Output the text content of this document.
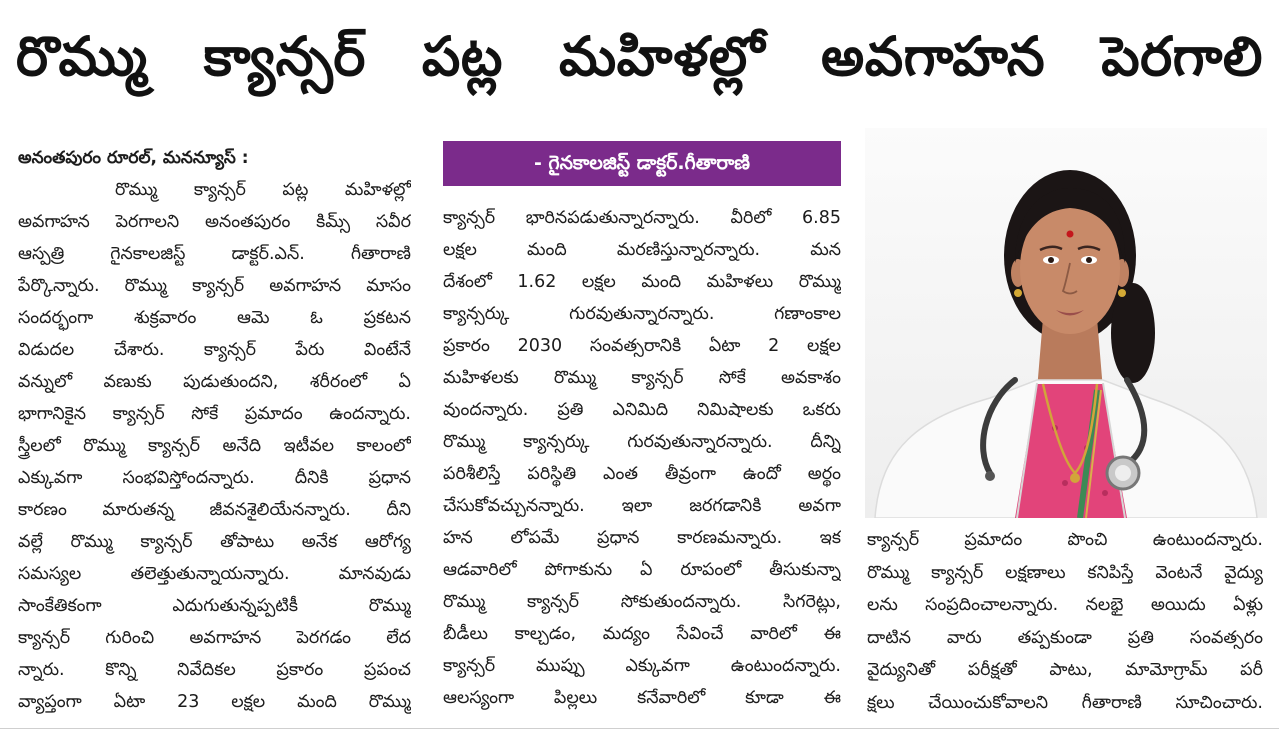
రొమ్ము క్యాన్సర్ పట్ల మహిళల్లో అవగాహన పెరగాలి
అనంతపురం రూరల్, మనన్యూస్ :
రొమ్ము క్యాన్సర్ పట్ల మహిళల్లో
అవగాహన పెరగాలని అనంతపురం కిమ్స్ సవీర
ఆస్పత్రి గైనకాలజిస్ట్ డాక్టర్.ఎన్. గీతారాణి
పేర్కొన్నారు. రొమ్ము క్యాన్సర్ అవగాహన మాసం
సందర్భంగా శుక్రవారం ఆమె ఓ ప్రకటన
విడుదల చేశారు. క్యాన్సర్ పేరు వింటేనే
వన్నులో వణుకు పుడుతుందని, శరీరంలో ఏ
భాగానికైన క్యాన్సర్ సోకే ప్రమాదం ఉందన్నారు.
స్త్రీలలో రొమ్ము క్యాన్సర్ అనేది ఇటీవల కాలంలో
ఎక్కువగా సంభవిస్తోందన్నారు. దీనికి ప్రధాన
కారణం మారుతన్న జీవనశైలియేనన్నారు. దీని
వల్లే రొమ్ము క్యాన్సర్ తోపాటు అనేక ఆరోగ్య
సమస్యల తలెత్తుతున్నాయన్నారు. మానవుడు
సాంకేతికంగా ఎదుగుతున్నప్పటికీ రొమ్ము
క్యాన్సర్ గురించి అవగాహన పెరగడం లేద
న్నారు. కొన్ని నివేదికల ప్రకారం ప్రపంచ
వ్యాప్తంగా ఏటా 23 లక్షల మంది రొమ్ము
- గైనకాలజిస్ట్ డాక్టర్.గీతారాణి
క్యాన్సర్ భారినపడుతున్నారన్నారు. వీరిలో 6.85
లక్షల మంది మరణిస్తున్నారన్నారు. మన
దేశంలో 1.62 లక్షల మంది మహిళలు రొమ్ము
క్యాన్సర్కు గురవుతున్నారన్నారు. గణాంకాల
ప్రకారం 2030 సంవత్సరానికి ఏటా 2 లక్షల
మహిళలకు రొమ్ము క్యాన్సర్ సోకే అవకాశం
వుందన్నారు. ప్రతి ఎనిమిది నిమిషాలకు ఒకరు
రొమ్ము క్యాన్సర్కు గురవుతున్నారన్నారు. దీన్ని
పరిశీలిస్తే పరిస్థితి ఎంత తీవ్రంగా ఉందో అర్థం
చేసుకోవచ్చునన్నారు. ఇలా జరగడానికి అవగా
హన లోపమే ప్రధాన కారణమన్నారు. ఇక
ఆడవారిలో పోగాకును ఏ రూపంలో తీసుకున్నా
రొమ్ము క్యాన్సర్ సోకుతుందన్నారు. సిగరెట్లు,
బీడీలు కాల్చడం, మద్యం సేవించే వారిలో ఈ
క్యాన్సర్ ముప్పు ఎక్కువగా ఉంటుందన్నారు.
ఆలస్యంగా పిల్లలు కనేవారిలో కూడా ఈ
క్యాన్సర్ ప్రమాదం పొంచి ఉంటుందన్నారు.
రొమ్ము క్యాన్సర్ లక్షణాలు కనిపిస్తే వెంటనే వైద్యు
లను సంప్రదించాలన్నారు. నలభై అయిదు ఏళ్లు
దాటిన వారు తప్పకుండా ప్రతి సంవత్సరం
వైద్యునితో పరీక్షతో పాటు, మామోగ్రామ్ పరీ
క్షలు చేయించుకోవాలని గీతారాణి సూచించారు.
